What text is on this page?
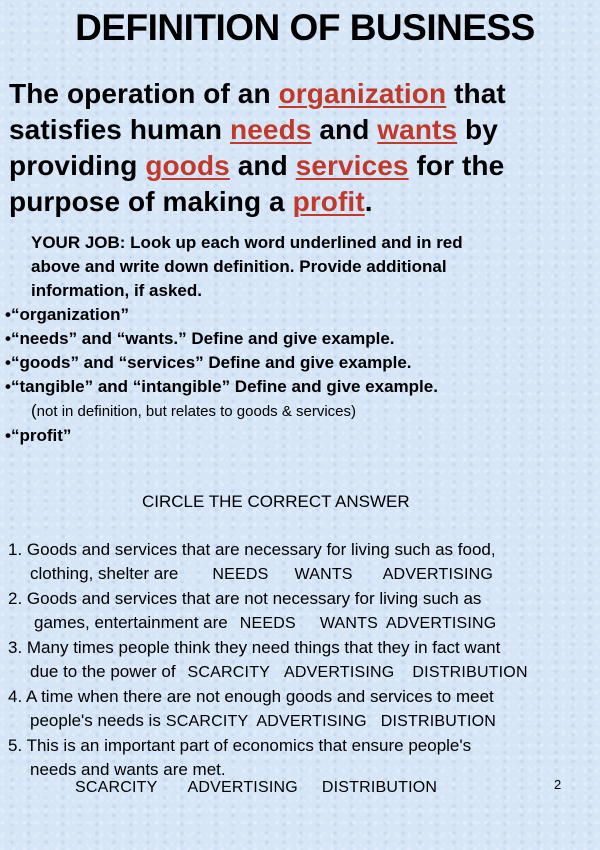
DEFINITION OF BUSINESS
The operation of an organization that
satisfies human needs and wants by
providing goods and services for the
purpose of making a profit.
YOUR JOB: Look up each word underlined and in red
above and write down definition. Provide additional
information, if asked.
•“organization”
•“needs” and “wants.” Define and give example.
•“goods” and “services” Define and give example.
•“tangible” and “intangible” Define and give example.
(not in definition, but relates to goods & services)
•“profit”
CIRCLE THE CORRECT ANSWER
1. Goods and services that are necessary for living such as food,
clothing, shelter are NEEDS WANTS ADVERTISING
2. Goods and services that are not necessary for living such as
games, entertainment are NEEDS WANTS ADVERTISING
3. Many times people think they need things that they in fact want
due to the power of SCARCITY ADVERTISING DISTRIBUTION
4. A time when there are not enough goods and services to meet
people's needs is SCARCITY ADVERTISING DISTRIBUTION
5. This is an important part of economics that ensure people's
needs and wants are met.
SCARCITY ADVERTISING DISTRIBUTION	2
